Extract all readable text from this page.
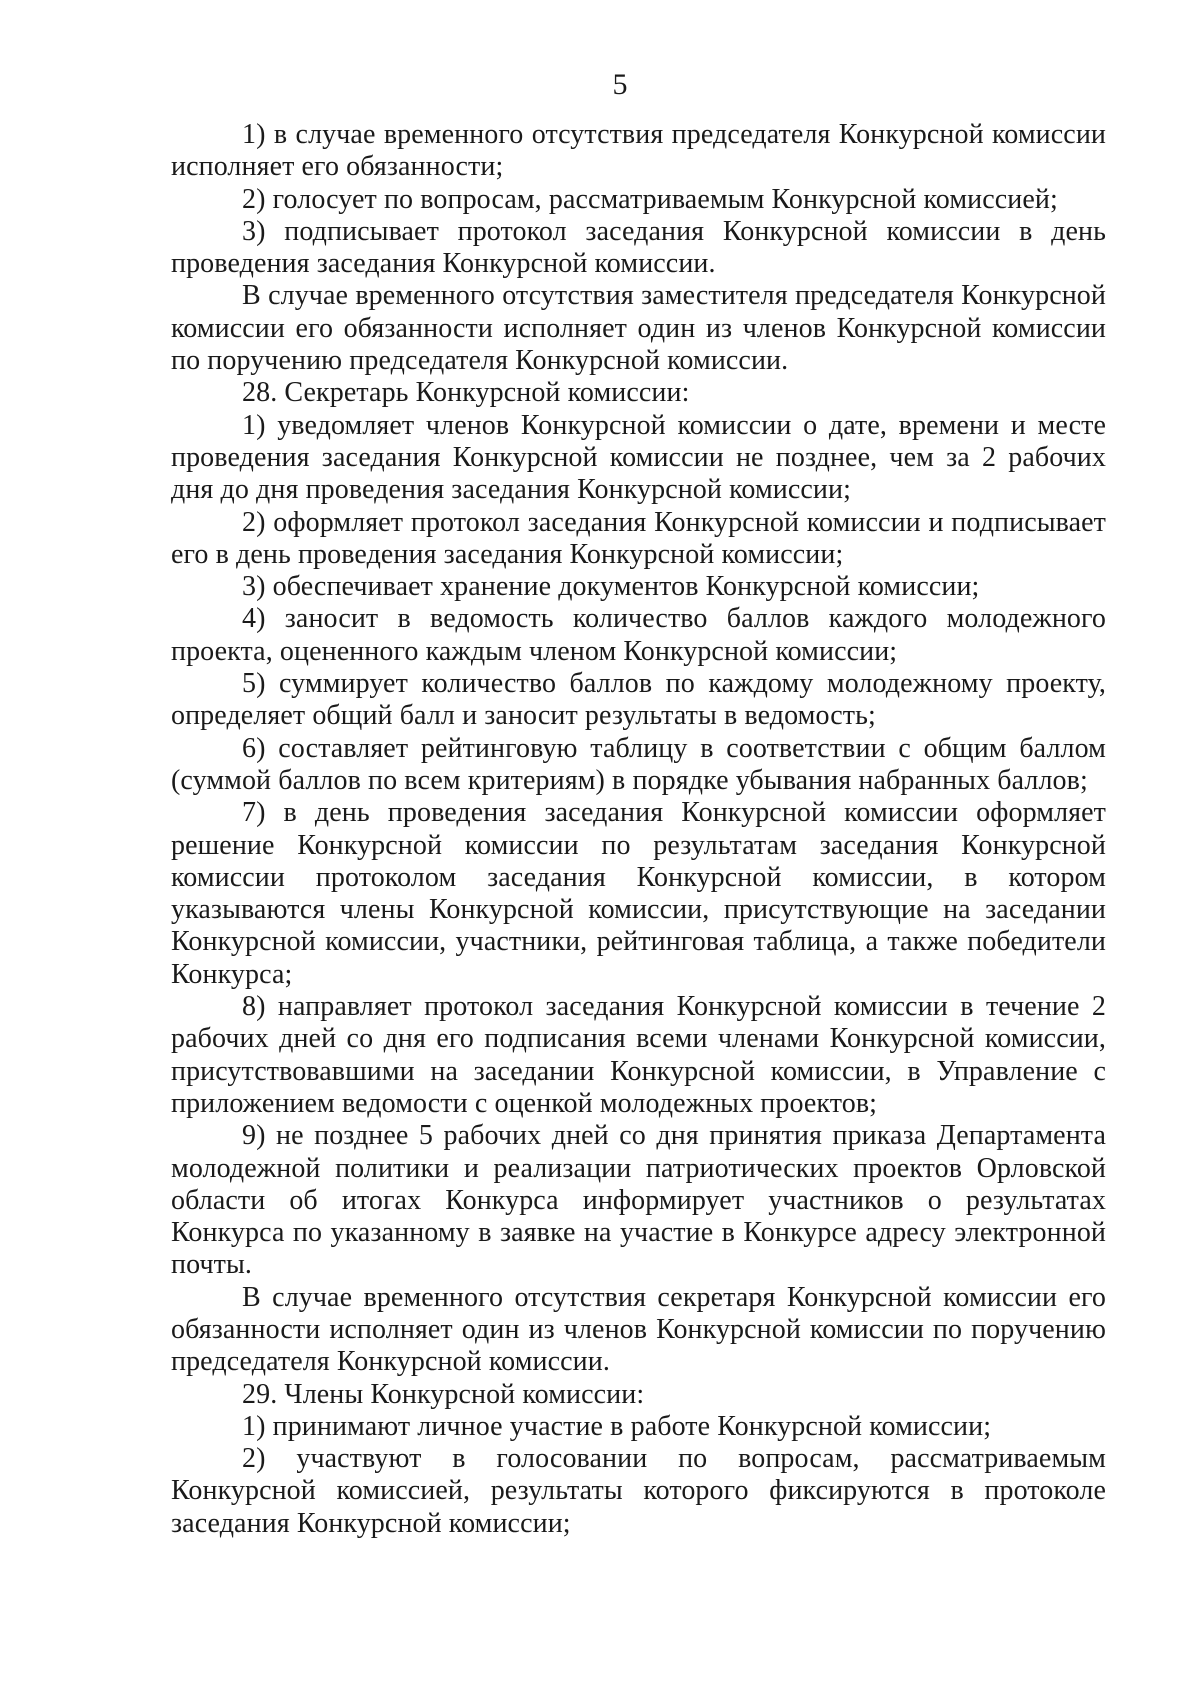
5

1) в случае временного отсутствия председателя Конкурсной комиссии исполняет его обязанности;

2) голосует по вопросам, рассматриваемым Конкурсной комиссией;

3) подписывает протокол заседания Конкурсной комиссии в день проведения заседания Конкурсной комиссии.

В случае временного отсутствия заместителя председателя Конкурсной комиссии его обязанности исполняет один из членов Конкурсной комиссии по поручению председателя Конкурсной комиссии.

28. Секретарь Конкурсной комиссии:

1) уведомляет членов Конкурсной комиссии о дате, времени и месте проведения заседания Конкурсной комиссии не позднее, чем за 2 рабочих дня до дня проведения заседания Конкурсной комиссии;

2) оформляет протокол заседания Конкурсной комиссии и подписывает его в день проведения заседания Конкурсной комиссии;

3) обеспечивает хранение документов Конкурсной комиссии;

4) заносит в ведомость количество баллов каждого молодежного проекта, оцененного каждым членом Конкурсной комиссии;

5) суммирует количество баллов по каждому молодежному проекту, определяет общий балл и заносит результаты в ведомость;

6) составляет рейтинговую таблицу в соответствии с общим баллом (суммой баллов по всем критериям) в порядке убывания набранных баллов;

7) в день проведения заседания Конкурсной комиссии оформляет решение Конкурсной комиссии по результатам заседания Конкурсной комиссии протоколом заседания Конкурсной комиссии, в котором указываются члены Конкурсной комиссии, присутствующие на заседании Конкурсной комиссии, участники, рейтинговая таблица, а также победители Конкурса;

8) направляет протокол заседания Конкурсной комиссии в течение 2 рабочих дней со дня его подписания всеми членами Конкурсной комиссии, присутствовавшими на заседании Конкурсной комиссии, в Управление с приложением ведомости с оценкой молодежных проектов;

9) не позднее 5 рабочих дней со дня принятия приказа Департамента молодежной политики и реализации патриотических проектов Орловской области об итогах Конкурса информирует участников о результатах Конкурса по указанному в заявке на участие в Конкурсе адресу электронной почты.

В случае временного отсутствия секретаря Конкурсной комиссии его обязанности исполняет один из членов Конкурсной комиссии по поручению председателя Конкурсной комиссии.

29. Члены Конкурсной комиссии:

1) принимают личное участие в работе Конкурсной комиссии;

2) участвуют в голосовании по вопросам, рассматриваемым Конкурсной комиссией, результаты которого фиксируются в протоколе заседания Конкурсной комиссии;
